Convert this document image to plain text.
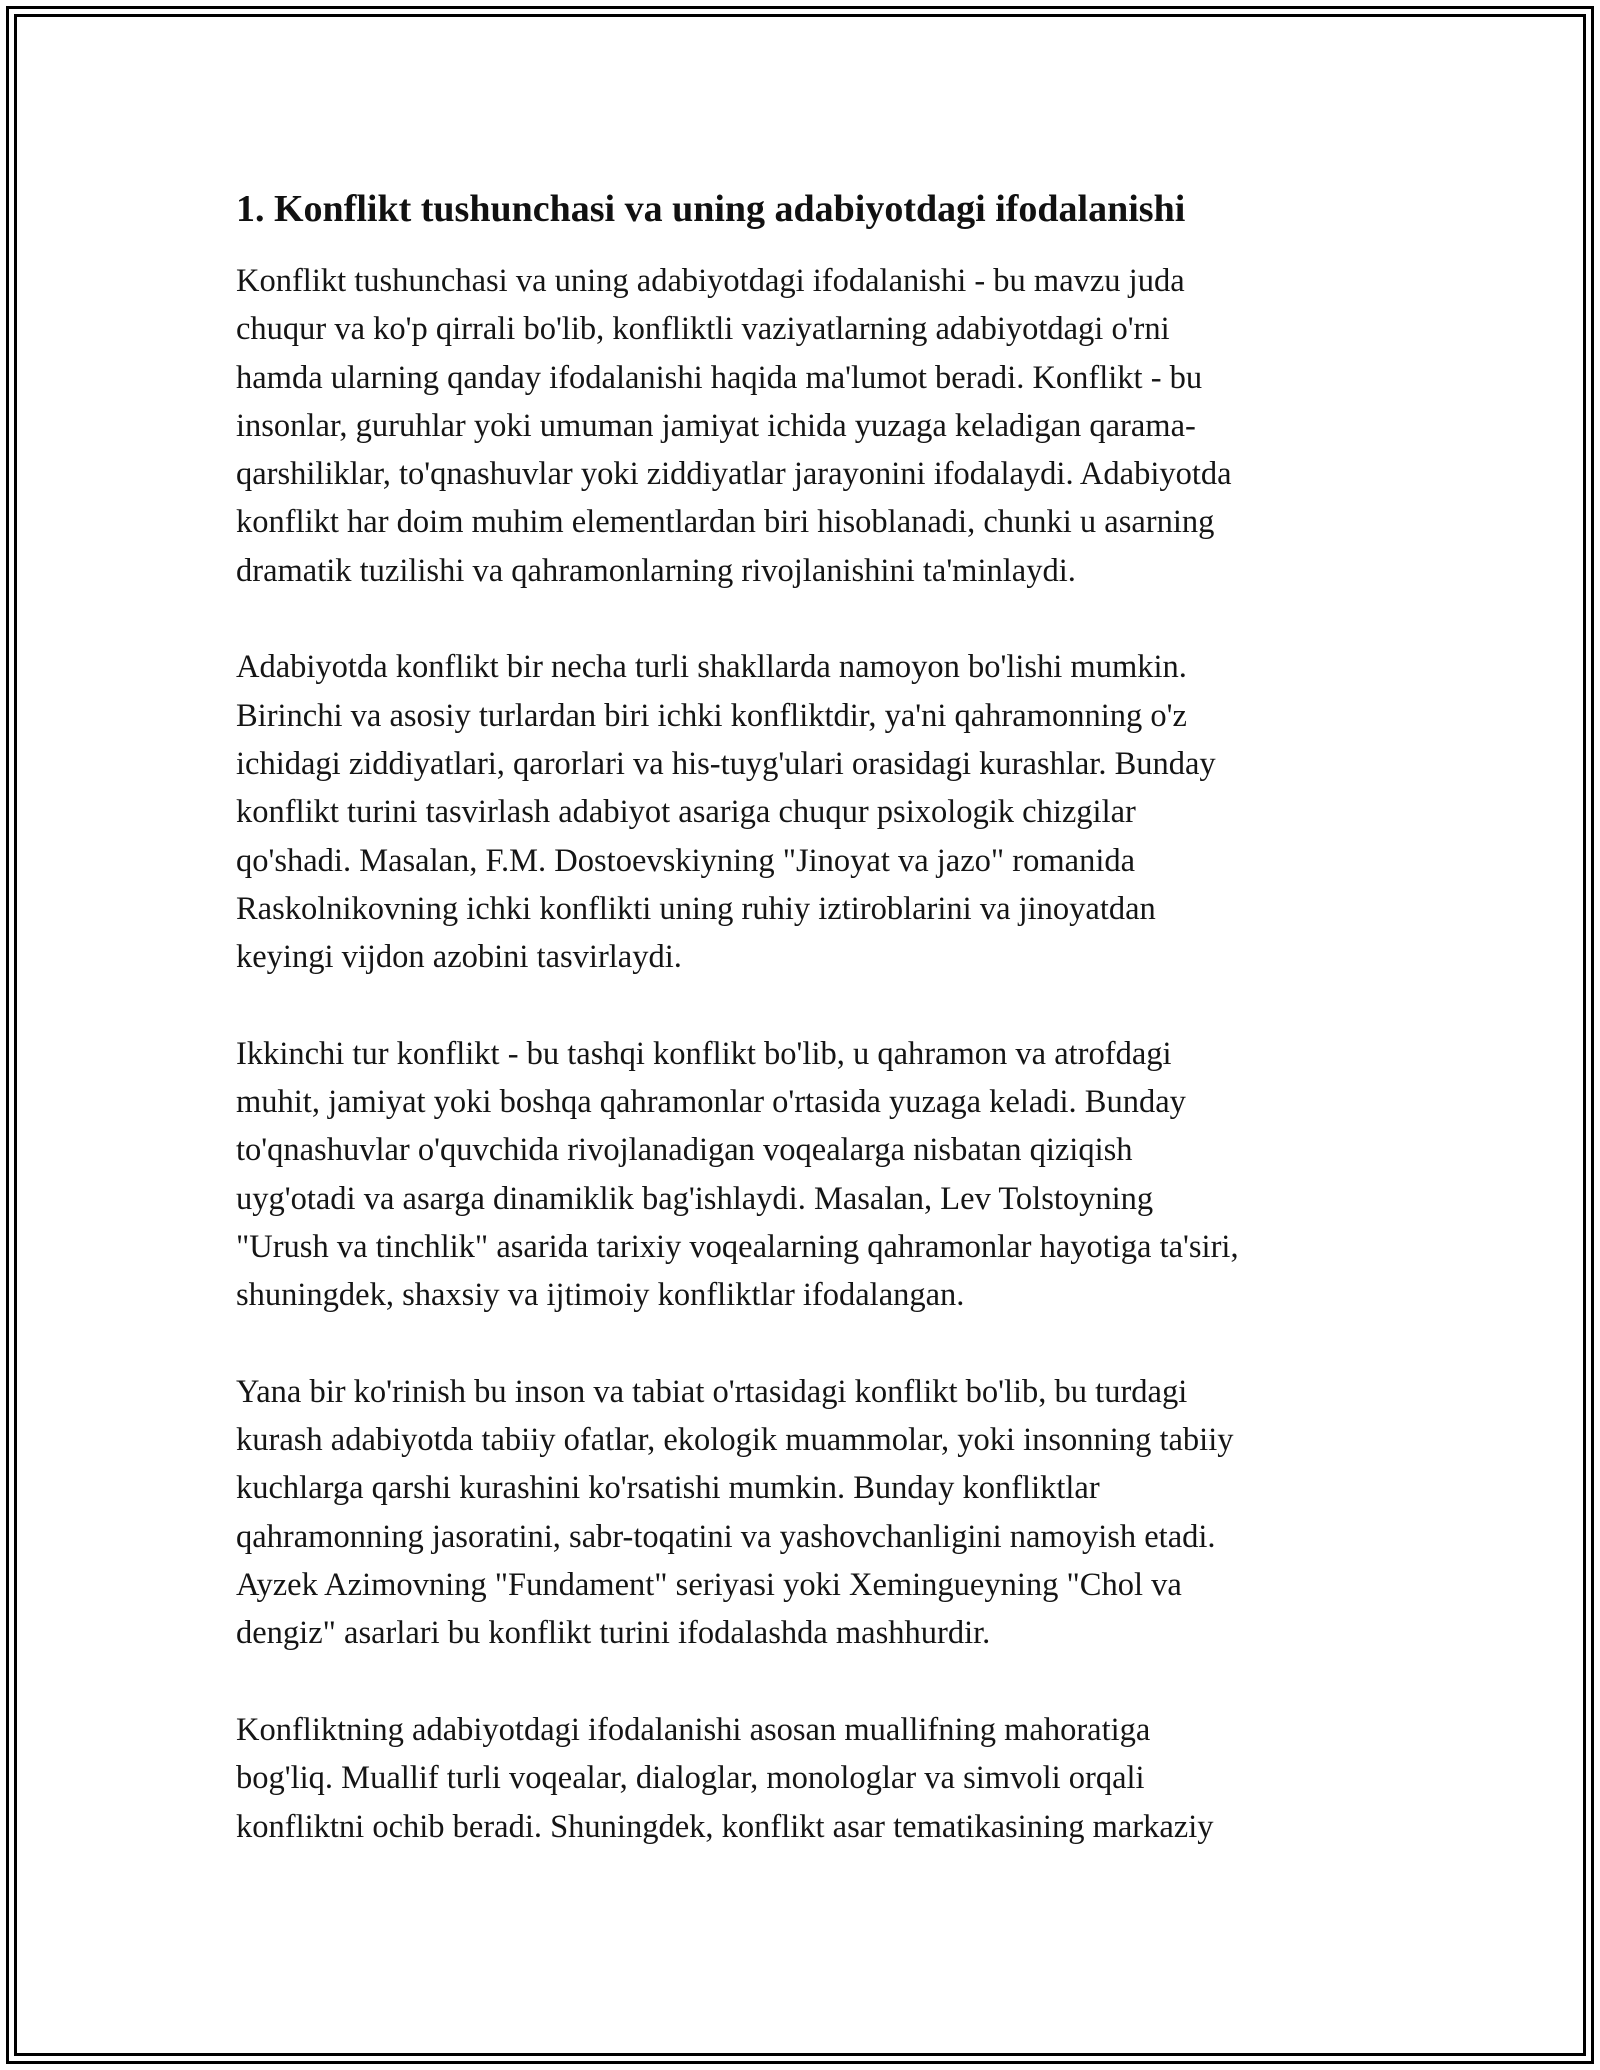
1. Konflikt tushunchasi va uning adabiyotdagi ifodalanishi

Konflikt tushunchasi va uning adabiyotdagi ifodalanishi - bu mavzu juda
chuqur va ko'p qirrali bo'lib, konfliktli vaziyatlarning adabiyotdagi o'rni
hamda ularning qanday ifodalanishi haqida ma'lumot beradi. Konflikt - bu
insonlar, guruhlar yoki umuman jamiyat ichida yuzaga keladigan qarama-
qarshiliklar, to'qnashuvlar yoki ziddiyatlar jarayonini ifodalaydi. Adabiyotda
konflikt har doim muhim elementlardan biri hisoblanadi, chunki u asarning
dramatik tuzilishi va qahramonlarning rivojlanishini ta'minlaydi.

Adabiyotda konflikt bir necha turli shakllarda namoyon bo'lishi mumkin.
Birinchi va asosiy turlardan biri ichki konfliktdir, ya'ni qahramonning o'z
ichidagi ziddiyatlari, qarorlari va his-tuyg'ulari orasidagi kurashlar. Bunday
konflikt turini tasvirlash adabiyot asariga chuqur psixologik chizgilar
qo'shadi. Masalan, F.M. Dostoevskiyning "Jinoyat va jazo" romanida
Raskolnikovning ichki konflikti uning ruhiy iztiroblarini va jinoyatdan
keyingi vijdon azobini tasvirlaydi.

Ikkinchi tur konflikt - bu tashqi konflikt bo'lib, u qahramon va atrofdagi
muhit, jamiyat yoki boshqa qahramonlar o'rtasida yuzaga keladi. Bunday
to'qnashuvlar o'quvchida rivojlanadigan voqealarga nisbatan qiziqish
uyg'otadi va asarga dinamiklik bag'ishlaydi. Masalan, Lev Tolstoyning
"Urush va tinchlik" asarida tarixiy voqealarning qahramonlar hayotiga ta'siri,
shuningdek, shaxsiy va ijtimoiy konfliktlar ifodalangan.

Yana bir ko'rinish bu inson va tabiat o'rtasidagi konflikt bo'lib, bu turdagi
kurash adabiyotda tabiiy ofatlar, ekologik muammolar, yoki insonning tabiiy
kuchlarga qarshi kurashini ko'rsatishi mumkin. Bunday konfliktlar
qahramonning jasoratini, sabr-toqatini va yashovchanligini namoyish etadi.
Ayzek Azimovning "Fundament" seriyasi yoki Xemingueyning "Chol va
dengiz" asarlari bu konflikt turini ifodalashda mashhurdir.

Konfliktning adabiyotdagi ifodalanishi asosan muallifning mahoratiga
bog'liq. Muallif turli voqealar, dialoglar, monologlar va simvoli orqali
konfliktni ochib beradi. Shuningdek, konflikt asar tematikasining markaziy
